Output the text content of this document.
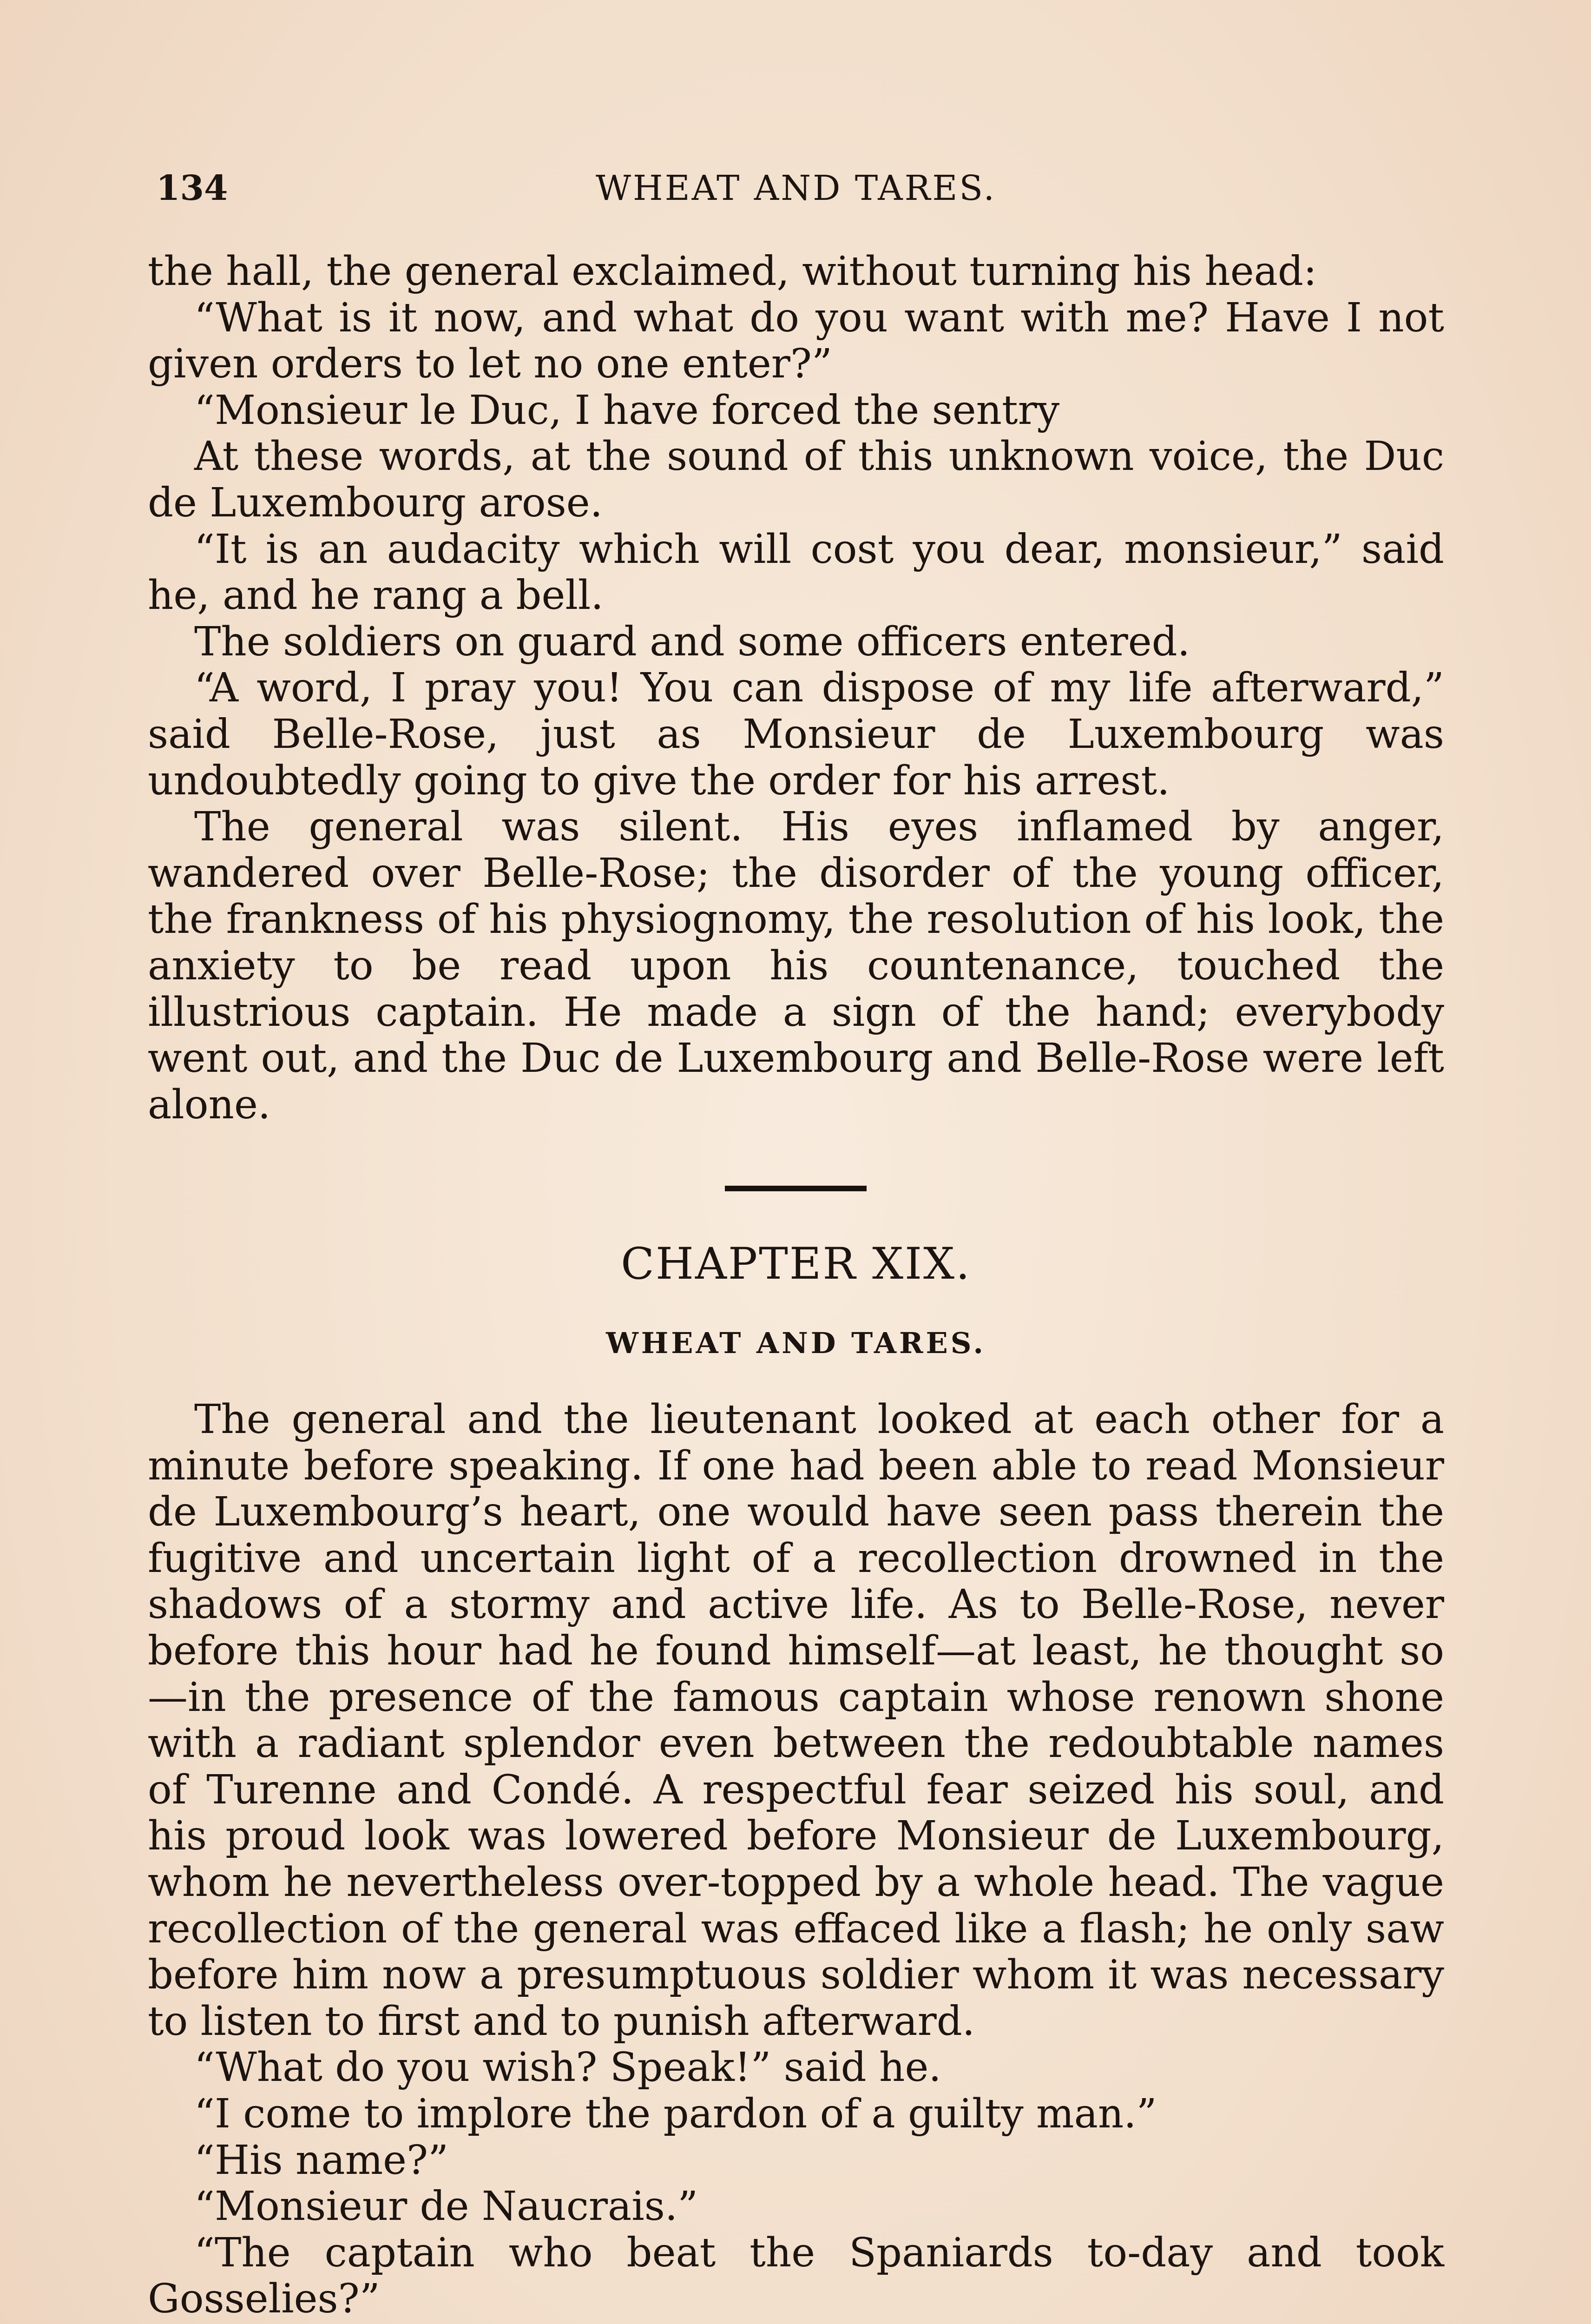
134	WHEAT AND TARES.

the hall, the general exclaimed, without turning his head:

“What is it now, and what do you want with me? Have I not given orders to let no one enter?”

“Monsieur le Duc, I have forced the sentry

At these words, at the sound of this unknown voice, the Duc de Luxembourg arose.

“It is an audacity which will cost you dear, monsieur,” said he, and he rang a bell.

The soldiers on guard and some officers entered.

“A word, I pray you! You can dispose of my life afterward,” said Belle-Rose, just as Monsieur de Luxembourg was undoubtedly going to give the order for his arrest.

The general was silent. His eyes inflamed by anger, wandered over Belle-Rose; the disorder of the young officer, the frankness of his physiognomy, the resolution of his look, the anxiety to be read upon his countenance, touched the illustrious captain. He made a sign of the hand; everybody went out, and the Duc de Luxembourg and Belle-Rose were left alone.

CHAPTER XIX.
WHEAT AND TARES.

The general and the lieutenant looked at each other for a minute before speaking. If one had been able to read Monsieur de Luxembourg’s heart, one would have seen pass therein the fugitive and uncertain light of a recollection drowned in the shadows of a stormy and active life. As to Belle-Rose, never before this hour had he found himself—at least, he thought so—in the presence of the famous captain whose renown shone with a radiant splendor even between the redoubtable names of Turenne and Condé. A respectful fear seized his soul, and his proud look was lowered before Monsieur de Luxembourg, whom he nevertheless over-topped by a whole head. The vague recollection of the general was effaced like a flash; he only saw before him now a presumptuous soldier whom it was necessary to listen to first and to punish afterward.

“What do you wish? Speak!” said he.

“I come to implore the pardon of a guilty man.”

“His name?”

“Monsieur de Naucrais.”

“The captain who beat the Spaniards to-day and took Gosselies?”
